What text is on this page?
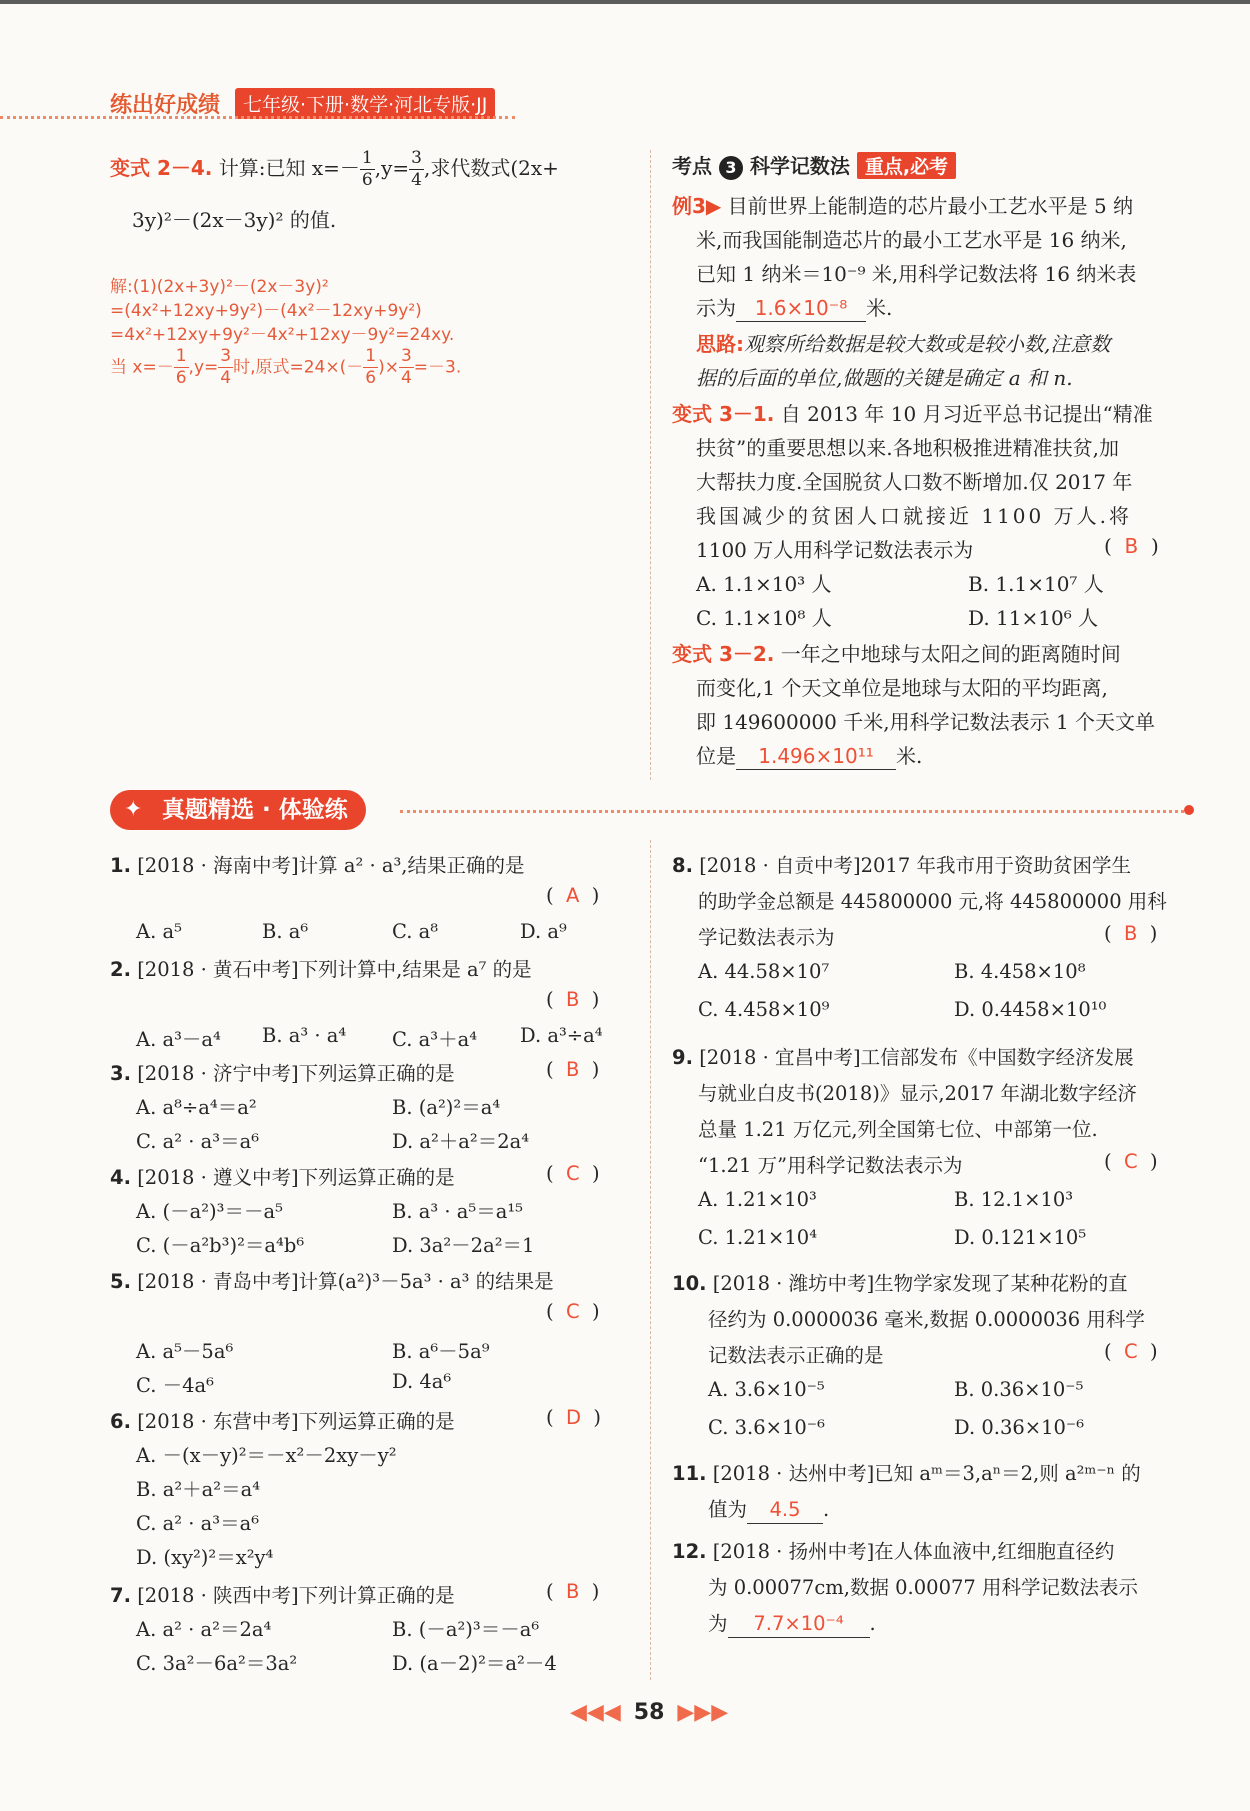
练出好成绩	七年级·下册·数学·河北专版·JJ
变式 2－4. 计算:已知 $x=- \frac{1}{6} ,y= \frac{3}{4}$ ,求代数式(2x+
3y)²－(2x－3y)² 的值.
解:(1)(2x+3y)²－(2x－3y)²
=(4x²+12xy+9y²)－(4x²－12xy+9y²)
=4x²+12xy+9y²－4x²+12xy－9y²=24xy.
当 $x=- \frac{1}{6} ,y= \frac{3}{4}$ 时,原式$=24\times(- \frac{1}{6}$ )× $\frac{3}{4} =-3$.
考点 3 科学记数法 重点,必考
例3▶ 目前世界上能制造的芯片最小工艺水平是 5 纳
米,而我国能制造芯片的最小工艺水平是 16 纳米,
已知 1 纳米＝10⁻⁹ 米,用科学记数法将 16 纳米表
示为 1.6×10⁻⁸ 米.
思路:观察所给数据是较大数或是较小数,注意数
据的后面的单位,做题的关键是确定 a 和 n.
变式 3－1. 自 2013 年 10 月习近平总书记提出“精准
扶贫”的重要思想以来.各地积极推进精准扶贫,加
大帮扶力度.全国脱贫人口数不断增加.仅 2017 年
我国减少的贫困人口就接近 1100 万人.将
1100 万人用科学记数法表示为	(  B  )
A. 1.1×10³ 人	B. 1.1×10⁷ 人
C. 1.1×10⁸ 人	D. 11×10⁶ 人
变式 3－2. 一年之中地球与太阳之间的距离随时间
而变化,1 个天文单位是地球与太阳的平均距离,
即 149600000 千米,用科学记数法表示 1 个天文单
位是 1.496×10¹¹ 米.
✦ 真题精选 · 体验练
1. [2018 · 海南中考]计算 a² · a³,结果正确的是
(  A  )
A. a⁵	B. a⁶	C. a⁸	D. a⁹
2. [2018 · 黄石中考]下列计算中,结果是 a⁷ 的是
(  B  )
A. a³－a⁴ B. a³ · a⁴ C. a³＋a⁴ D. a³÷a⁴
3. [2018 · 济宁中考]下列运算正确的是	(  B  )
A. a⁸÷a⁴＝a²	B. (a²)²＝a⁴
C. a² · a³＝a⁶	D. a²＋a²＝2a⁴
4. [2018 · 遵义中考]下列运算正确的是	(  C  )
A. (－a²)³＝－a⁵	B. a³ · a⁵＝a¹⁵
C. (－a²b³)²＝a⁴b⁶	D. 3a²－2a²＝1
5. [2018 · 青岛中考]计算(a²)³－5a³ · a³ 的结果是
(  C  )
A. a⁵－5a⁶	B. a⁶－5a⁹
C. －4a⁶	D. 4a⁶
6. [2018 · 东营中考]下列运算正确的是	(  D  )
A. －(x－y)²＝－x²－2xy－y²
B. a²＋a²＝a⁴
C. a² · a³＝a⁶
D. (xy²)²＝x²y⁴
7. [2018 · 陕西中考]下列计算正确的是	(  B  )
A. a² · a²＝2a⁴	B. (－a²)³＝－a⁶
C. 3a²－6a²＝3a²	D. (a－2)²＝a²－4
8. [2018 · 自贡中考]2017 年我市用于资助贫困学生
的助学金总额是 445800000 元,将 445800000 用科
学记数法表示为	(  B  )
A. 44.58×10⁷	B. 4.458×10⁸
C. 4.458×10⁹	D. 0.4458×10¹⁰
9. [2018 · 宜昌中考]工信部发布《中国数字经济发展
与就业白皮书(2018)》显示,2017 年湖北数字经济
总量 1.21 万亿元,列全国第七位、中部第一位.
“1.21 万”用科学记数法表示为	(  C  )
A. 1.21×10³	B. 12.1×10³
C. 1.21×10⁴	D. 0.121×10⁵
10. [2018 · 潍坊中考]生物学家发现了某种花粉的直
径约为 0.0000036 毫米,数据 0.0000036 用科学
记数法表示正确的是	(  C  )
A. 3.6×10⁻⁵	B. 0.36×10⁻⁵
C. 3.6×10⁻⁶	D. 0.36×10⁻⁶
11. [2018 · 达州中考]已知 aᵐ＝3,aⁿ＝2,则 a²ᵐ⁻ⁿ 的
值为 4.5 .
12. [2018 · 扬州中考]在人体血液中,红细胞直径约
为 0.00077cm,数据 0.00077 用科学记数法表示
为 7.7×10⁻⁴ .
◀◀◀ 58 ▶▶▶
